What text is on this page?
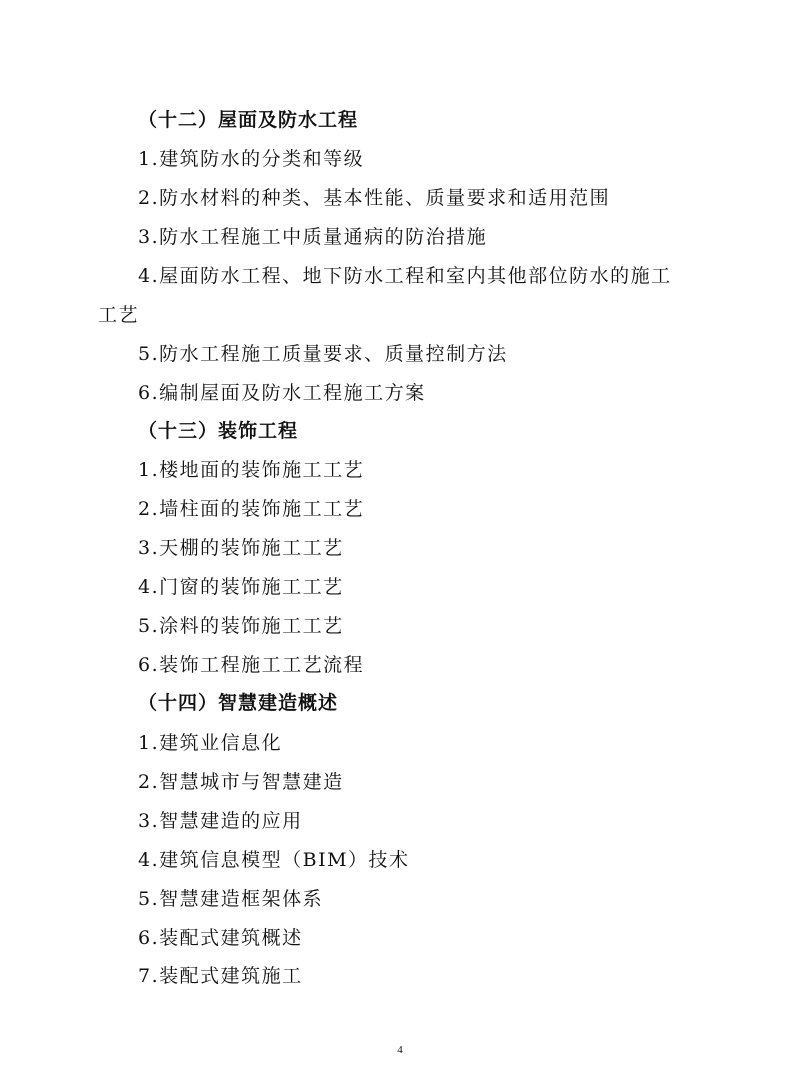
（十二）屋面及防水工程
1.建筑防水的分类和等级
2.防水材料的种类、基本性能、质量要求和适用范围
3.防水工程施工中质量通病的防治措施
4.屋面防水工程、地下防水工程和室内其他部位防水的施工
工艺
5.防水工程施工质量要求、质量控制方法
6.编制屋面及防水工程施工方案
（十三）装饰工程
1.楼地面的装饰施工工艺
2.墙柱面的装饰施工工艺
3.天棚的装饰施工工艺
4.门窗的装饰施工工艺
5.涂料的装饰施工工艺
6.装饰工程施工工艺流程
（十四）智慧建造概述
1.建筑业信息化
2.智慧城市与智慧建造
3.智慧建造的应用
4.建筑信息模型（BIM）技术
5.智慧建造框架体系
6.装配式建筑概述
7.装配式建筑施工
4
